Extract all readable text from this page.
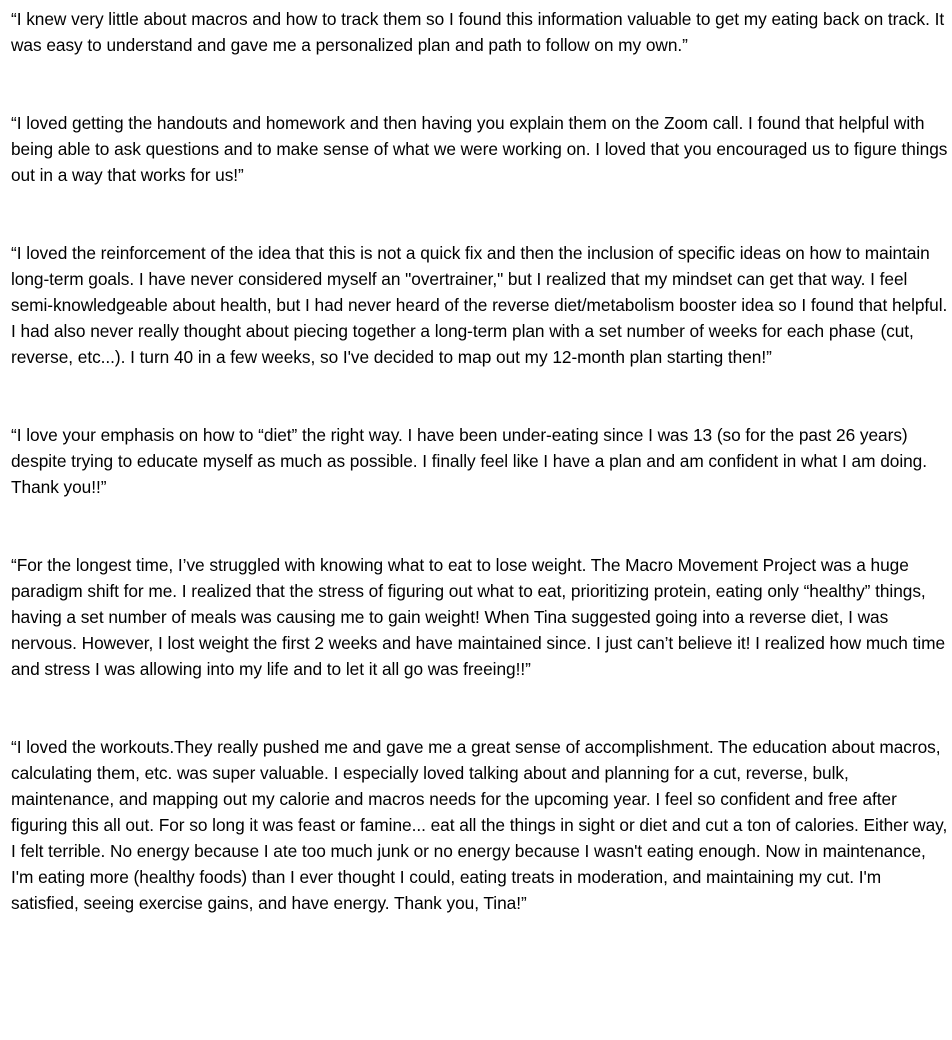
“I knew very little about macros and how to track them so I found this information valuable to get my eating back on track. It was easy to understand and gave me a personalized plan and path to follow on my own.”

“I loved getting the handouts and homework and then having you explain them on the Zoom call. I found that helpful with being able to ask questions and to make sense of what we were working on. I loved that you encouraged us to figure things out in a way that works for us!”

“I loved the reinforcement of the idea that this is not a quick fix and then the inclusion of specific ideas on how to maintain long-term goals. I have never considered myself an "overtrainer," but I realized that my mindset can get that way. I feel semi-knowledgeable about health, but I had never heard of the reverse diet/metabolism booster idea so I found that helpful. I had also never really thought about piecing together a long-term plan with a set number of weeks for each phase (cut, reverse, etc...). I turn 40 in a few weeks, so I've decided to map out my 12-month plan starting then!”

“I love your emphasis on how to “diet” the right way. I have been under-eating since I was 13 (so for the past 26 years) despite trying to educate myself as much as possible. I finally feel like I have a plan and am confident in what I am doing. Thank you!!”

“For the longest time, I’ve struggled with knowing what to eat to lose weight. The Macro Movement Project was a huge paradigm shift for me. I realized that the stress of figuring out what to eat, prioritizing protein, eating only “healthy” things, having a set number of meals was causing me to gain weight! When Tina suggested going into a reverse diet, I was nervous. However, I lost weight the first 2 weeks and have maintained since. I just can’t believe it! I realized how much time and stress I was allowing into my life and to let it all go was freeing!!”

“I loved the workouts.They really pushed me and gave me a great sense of accomplishment. The education about macros, calculating them, etc. was super valuable. I especially loved talking about and planning for a cut, reverse, bulk, maintenance, and mapping out my calorie and macros needs for the upcoming year. I feel so confident and free after figuring this all out. For so long it was feast or famine... eat all the things in sight or diet and cut a ton of calories. Either way, I felt terrible. No energy because I ate too much junk or no energy because I wasn't eating enough. Now in maintenance, I'm eating more (healthy foods) than I ever thought I could, eating treats in moderation, and maintaining my cut. I'm satisfied, seeing exercise gains, and have energy. Thank you, Tina!”
